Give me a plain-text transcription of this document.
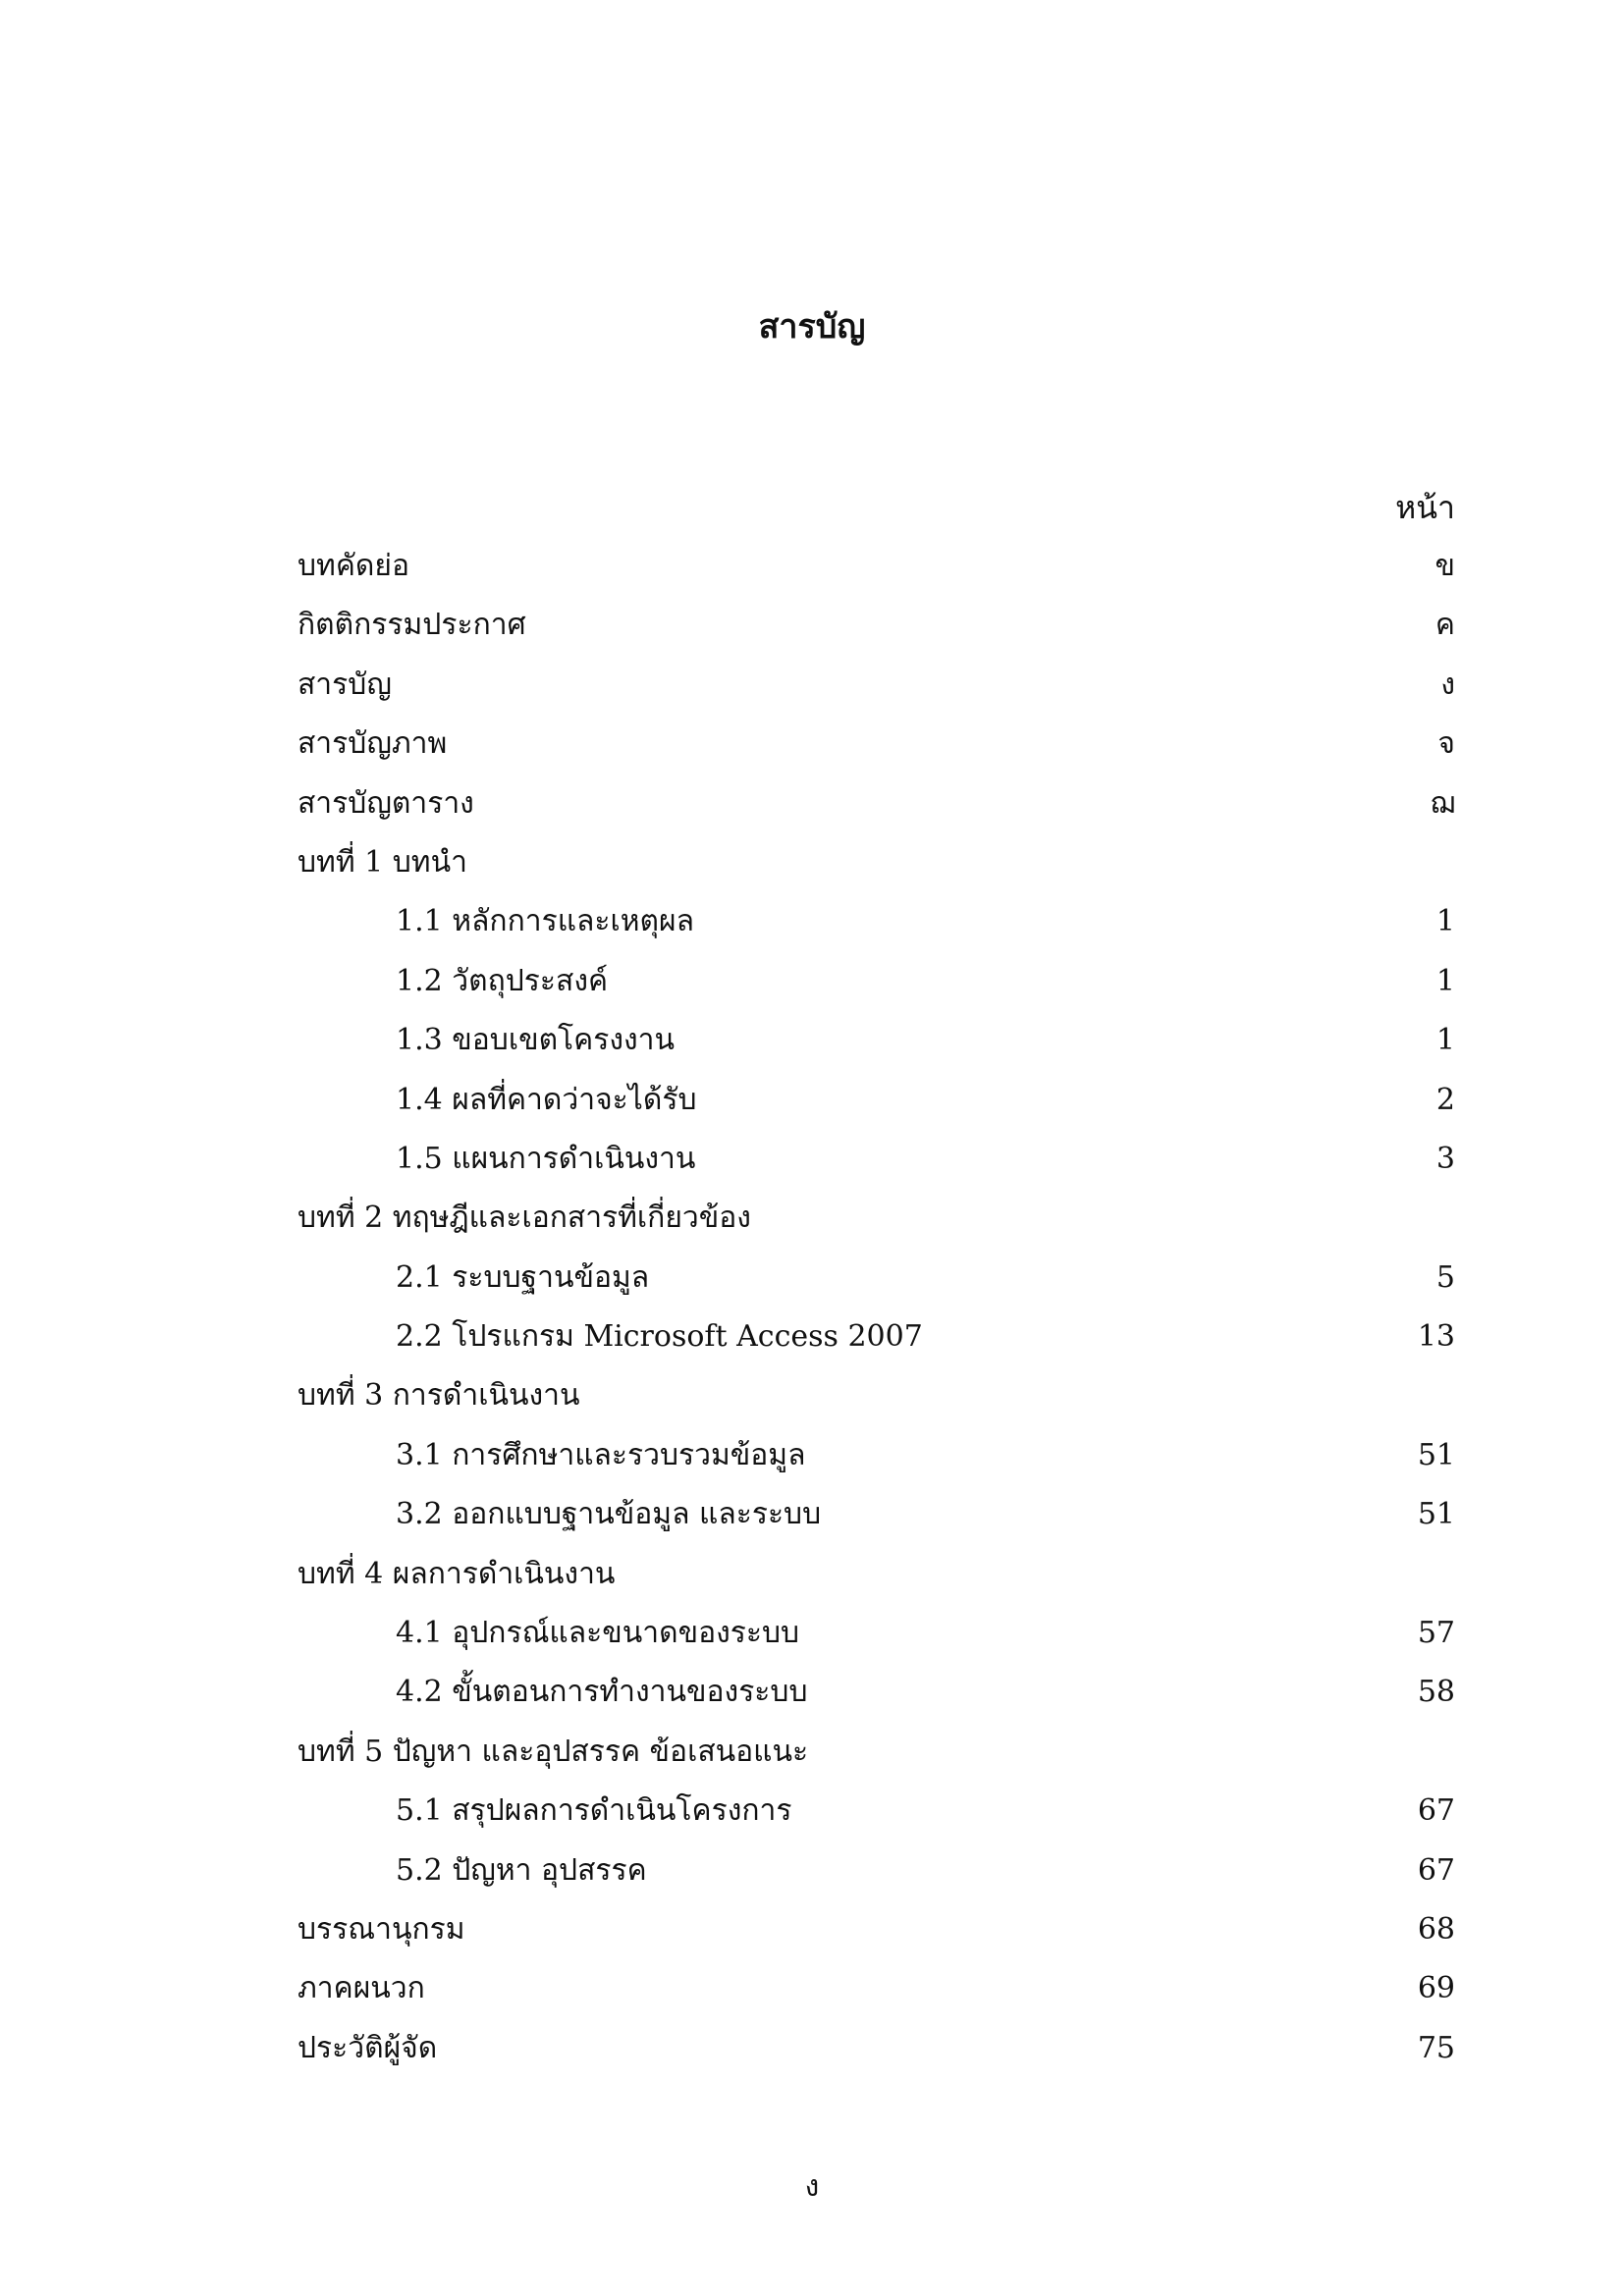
สารบัญ
หน้า
บทคัดย่อ	ข
กิตติกรรมประกาศ	ค
สารบัญ	ง
สารบัญภาพ	จ
สารบัญตาราง	ฌ
บทที่ 1 บทนำ
1.1 หลักการและเหตุผล	1
1.2 วัตถุประสงค์	1
1.3 ขอบเขตโครงงาน	1
1.4 ผลที่คาดว่าจะได้รับ	2
1.5 แผนการดำเนินงาน	3
บทที่ 2 ทฤษฎีและเอกสารที่เกี่ยวข้อง
2.1 ระบบฐานข้อมูล	5
2.2 โปรแกรม Microsoft Access 2007	13
บทที่ 3 การดำเนินงาน
3.1 การศึกษาและรวบรวมข้อมูล	51
3.2 ออกแบบฐานข้อมูล และระบบ	51
บทที่ 4 ผลการดำเนินงาน
4.1 อุปกรณ์และขนาดของระบบ	57
4.2 ขั้นตอนการทำงานของระบบ	58
บทที่ 5 ปัญหา และอุปสรรค ข้อเสนอแนะ
5.1 สรุปผลการดำเนินโครงการ	67
5.2 ปัญหา อุปสรรค	67
บรรณานุกรม	68
ภาคผนวก	69
ประวัติผู้จัด	75
ง
